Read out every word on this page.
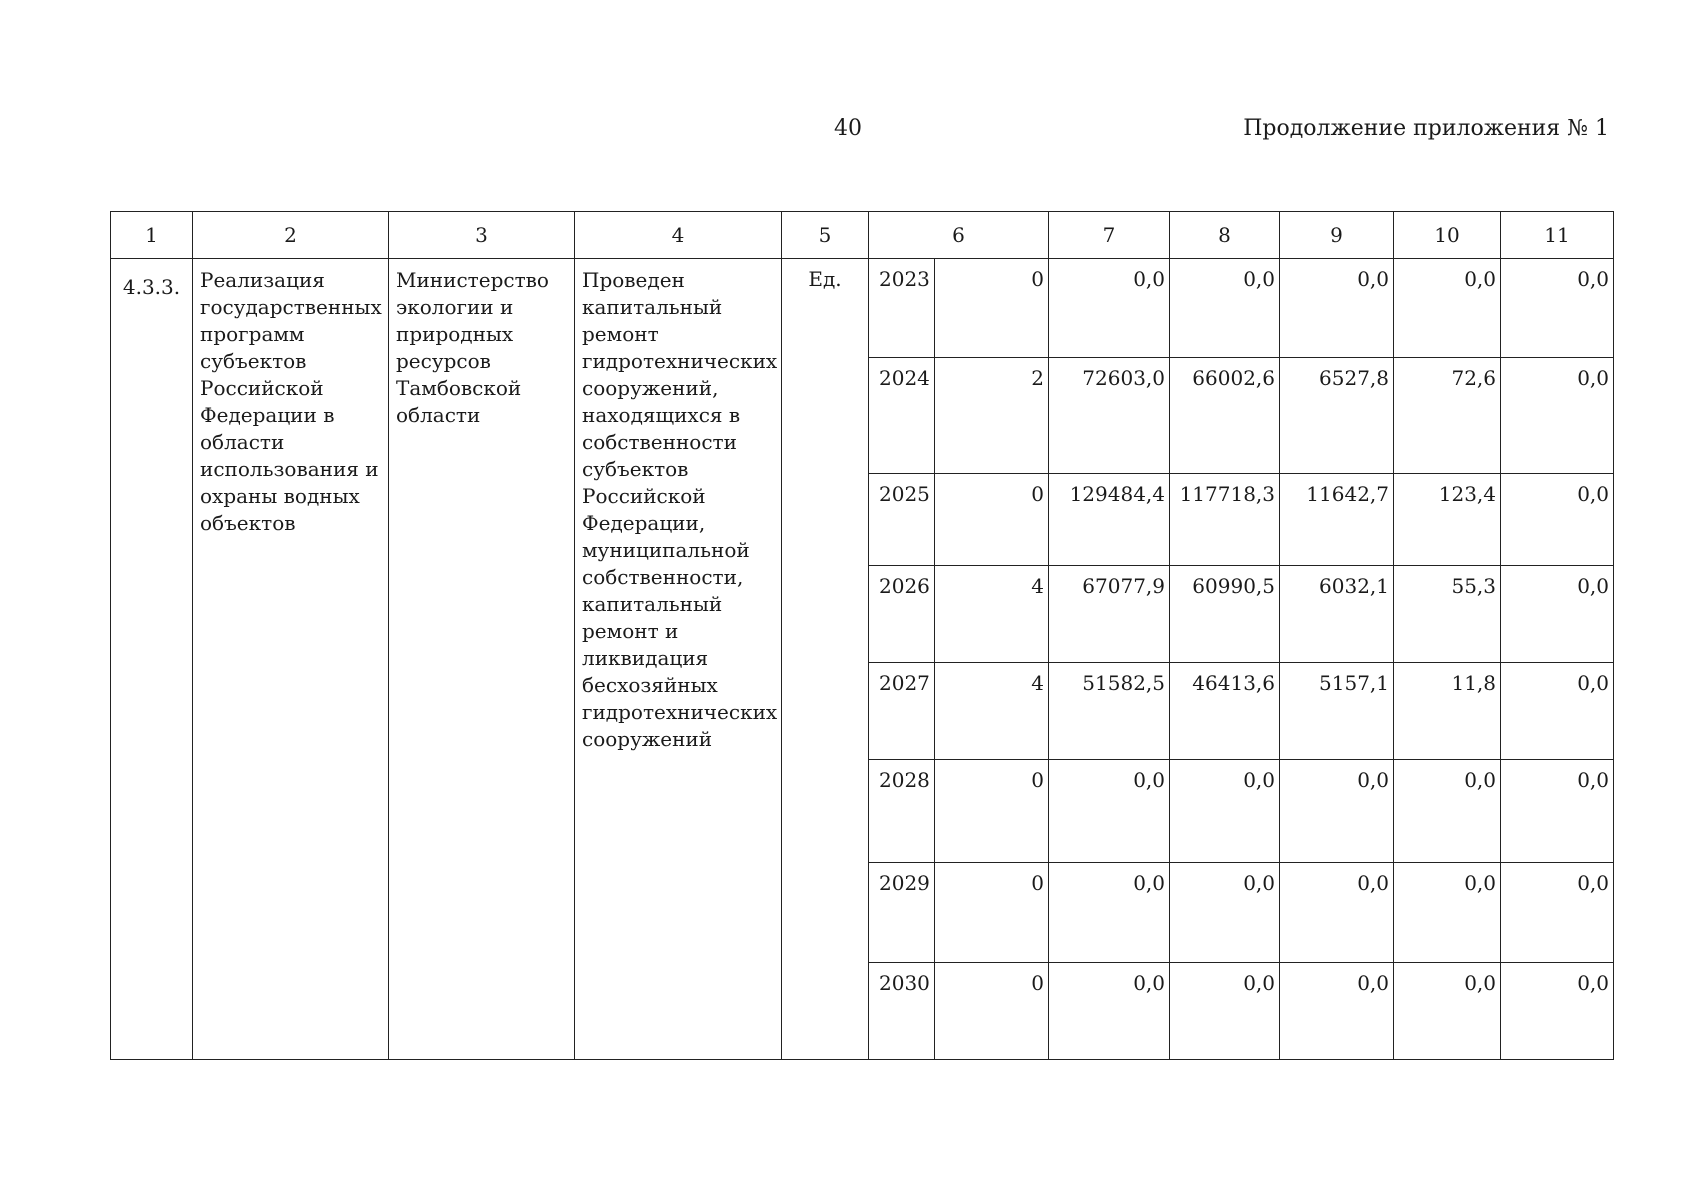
40	Продолжение приложения № 1
1	2	3	4	5	6		7	8	9	10	11
4.3.3.	Реализация государственных программ субъектов Российской Федерации в области использования и охраны водных объектов	Министерство экологии и природных ресурсов Тамбовской области	Проведен капитальный ремонт гидротехнических сооружений, находящихся в собственности субъектов Российской Федерации, муниципальной собственности, капитальный ремонт и ликвидация бесхозяйных гидротехнических сооружений	Ед.	2023	0	0,0	0,0	0,0	0,0	0,0
					2024	2	72603,0	66002,6	6527,8	72,6	0,0
					2025	0	129484,4	117718,3	11642,7	123,4	0,0
					2026	4	67077,9	60990,5	6032,1	55,3	0,0
					2027	4	51582,5	46413,6	5157,1	11,8	0,0
					2028	0	0,0	0,0	0,0	0,0	0,0
					2029	0	0,0	0,0	0,0	0,0	0,0
					2030	0	0,0	0,0	0,0	0,0	0,0
